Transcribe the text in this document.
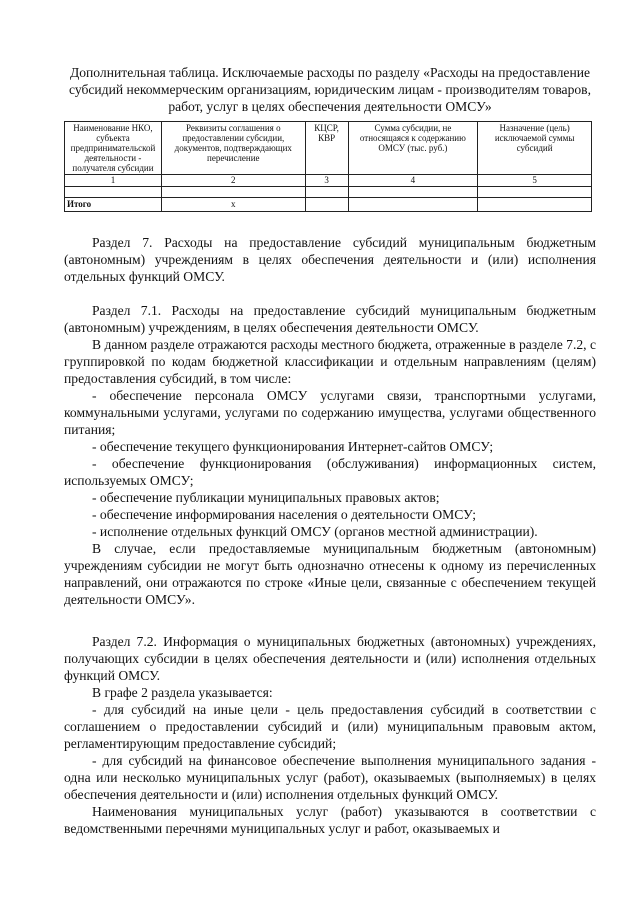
Дополнительная таблица. Исключаемые расходы по разделу «Расходы на предоставление субсидий некоммерческим организациям, юридическим лицам - производителям товаров, работ, услуг в целях обеспечения деятельности ОМСУ»
Наименование НКО, субъекта предпринимательской деятельности - получателя субсидии	Реквизиты соглашения о предоставлении субсидии, документов, подтверждающих перечисление	КЦСР, КВР	Сумма субсидии, не относящаяся к содержанию ОМСУ (тыс. руб.)	Назначение (цель) исключаемой суммы субсидий
1	2	3	4	5

Итого	х			

Раздел 7. Расходы на предоставление субсидий муниципальным бюджетным (автономным) учреждениям в целях обеспечения деятельности и (или) исполнения отдельных функций ОМСУ.

Раздел 7.1. Расходы на предоставление субсидий муниципальным бюджетным (автономным) учреждениям, в целях обеспечения деятельности ОМСУ.

В данном разделе отражаются расходы местного бюджета, отраженные в разделе 7.2, с группировкой по кодам бюджетной классификации и отдельным направлениям (целям) предоставления субсидий, в том числе:

- обеспечение персонала ОМСУ услугами связи, транспортными услугами, коммунальными услугами, услугами по содержанию имущества, услугами общественного питания;

- обеспечение текущего функционирования Интернет-сайтов ОМСУ;

- обеспечение функционирования (обслуживания) информационных систем, используемых ОМСУ;

- обеспечение публикации муниципальных правовых актов;

- обеспечение информирования населения о деятельности ОМСУ;

- исполнение отдельных функций ОМСУ (органов местной администрации).

В случае, если предоставляемые муниципальным бюджетным (автономным) учреждениям субсидии не могут быть однозначно отнесены к одному из перечисленных направлений, они отражаются по строке «Иные цели, связанные с обеспечением текущей деятельности ОМСУ».

Раздел 7.2. Информация о муниципальных бюджетных (автономных) учреждениях, получающих субсидии в целях обеспечения деятельности и (или) исполнения отдельных функций ОМСУ.

В графе 2 раздела указывается:

- для субсидий на иные цели - цель предоставления субсидий в соответствии с соглашением о предоставлении субсидий и (или) муниципальным правовым актом, регламентирующим предоставление субсидий;

- для субсидий на финансовое обеспечение выполнения муниципального задания - одна или несколько муниципальных услуг (работ), оказываемых (выполняемых) в целях обеспечения деятельности и (или) исполнения отдельных функций ОМСУ.

Наименования муниципальных услуг (работ) указываются в соответствии с ведомственными перечнями муниципальных услуг и работ, оказываемых и
